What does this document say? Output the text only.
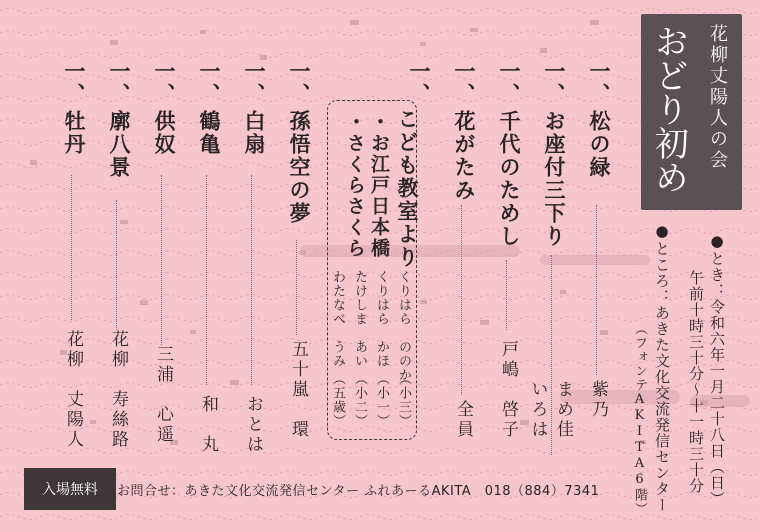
花柳丈陽人の会
おどり初め
●とき：令和六年一月二十八日（日）
午前十時三十分～十一時三十分
●ところ：あきた文化交流発信センター
（フォンテAKITA6階）
一、
一、
一、
一、
一、
一、
一、
一、
一、
一、
一、
松の緑
お座付三下り
千代のためし
花がたみ
孫悟空の夢
白扇
鶴亀
供奴
廓八景
牡丹
紫乃
まめ佳
いろは
戸嶋　啓子
全員
五十嵐　環
おとは
和　丸
三浦　心遥
花柳　寿絲路
花柳　丈陽人
こども教室より
・お江戸日本橋
・さくらさくら
くりはら　ののか
（小三）
くりはら　かほ
（小一）
たけしま　あい
（小二）
わたなべ　うみ
（五歳）
入場無料	お問合せ：あきた文化交流発信センター ふれあーるAKITA　018（884）7341
